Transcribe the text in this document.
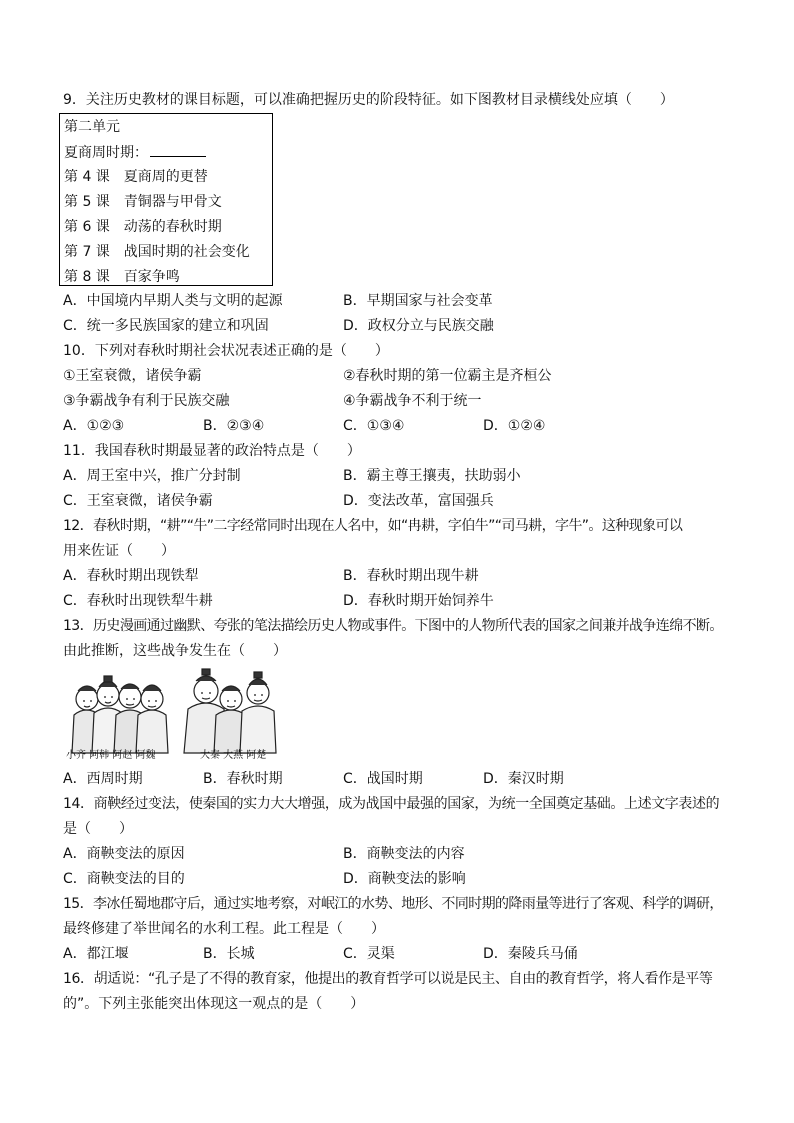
9．关注历史教材的课目标题，可以准确把握历史的阶段特征。如下图教材目录横线处应填（　　）
第二单元
夏商周时期：
第 4 课　夏商周的更替
第 5 课　青铜器与甲骨文
第 6 课　动荡的春秋时期
第 7 课　战国时期的社会变化
第 8 课　百家争鸣
A．中国境内早期人类与文明的起源	B．早期国家与社会变革
C．统一多民族国家的建立和巩固	D．政权分立与民族交融
10．下列对春秋时期社会状况表述正确的是（　　）
①王室衰微，诸侯争霸	②春秋时期的第一位霸主是齐桓公
③争霸战争有利于民族交融	④争霸战争不利于统一
A．①②③	B．②③④	C．①③④	D．①②④
11．我国春秋时期最显著的政治特点是（　　）
A．周王室中兴，推广分封制	B．霸主尊王攘夷，扶助弱小
C．王室衰微，诸侯争霸	D．变法改革，富国强兵
12．春秋时期，“耕”“牛”二字经常同时出现在人名中，如“冉耕，字伯牛”“司马耕，字牛”。这种现象可以
用来佐证（　　）
A．春秋时期出现铁犁	B．春秋时期出现牛耕
C．春秋时出现铁犁牛耕	D．春秋时期开始饲养牛
13．历史漫画通过幽默、夸张的笔法描绘历史人物或事件。下图中的人物所代表的国家之间兼并战争连绵不断。
由此推断，这些战争发生在（　　）
小齐 阿韩 阿赵 阿魏	大秦 大燕 阿楚
A．西周时期	B．春秋时期	C．战国时期	D．秦汉时期
14．商鞅经过变法，使秦国的实力大大增强，成为战国中最强的国家，为统一全国奠定基础。上述文字表述的
是（　　）
A．商鞅变法的原因	B．商鞅变法的内容
C．商鞅变法的目的	D．商鞅变法的影响
15．李冰任蜀地郡守后，通过实地考察，对岷江的水势、地形、不同时期的降雨量等进行了客观、科学的调研，
最终修建了举世闻名的水利工程。此工程是（　　）
A．都江堰	B．长城	C．灵渠	D．秦陵兵马俑
16．胡适说：“孔子是了不得的教育家，他提出的教育哲学可以说是民主、自由的教育哲学，将人看作是平等
的”。下列主张能突出体现这一观点的是（　　）
